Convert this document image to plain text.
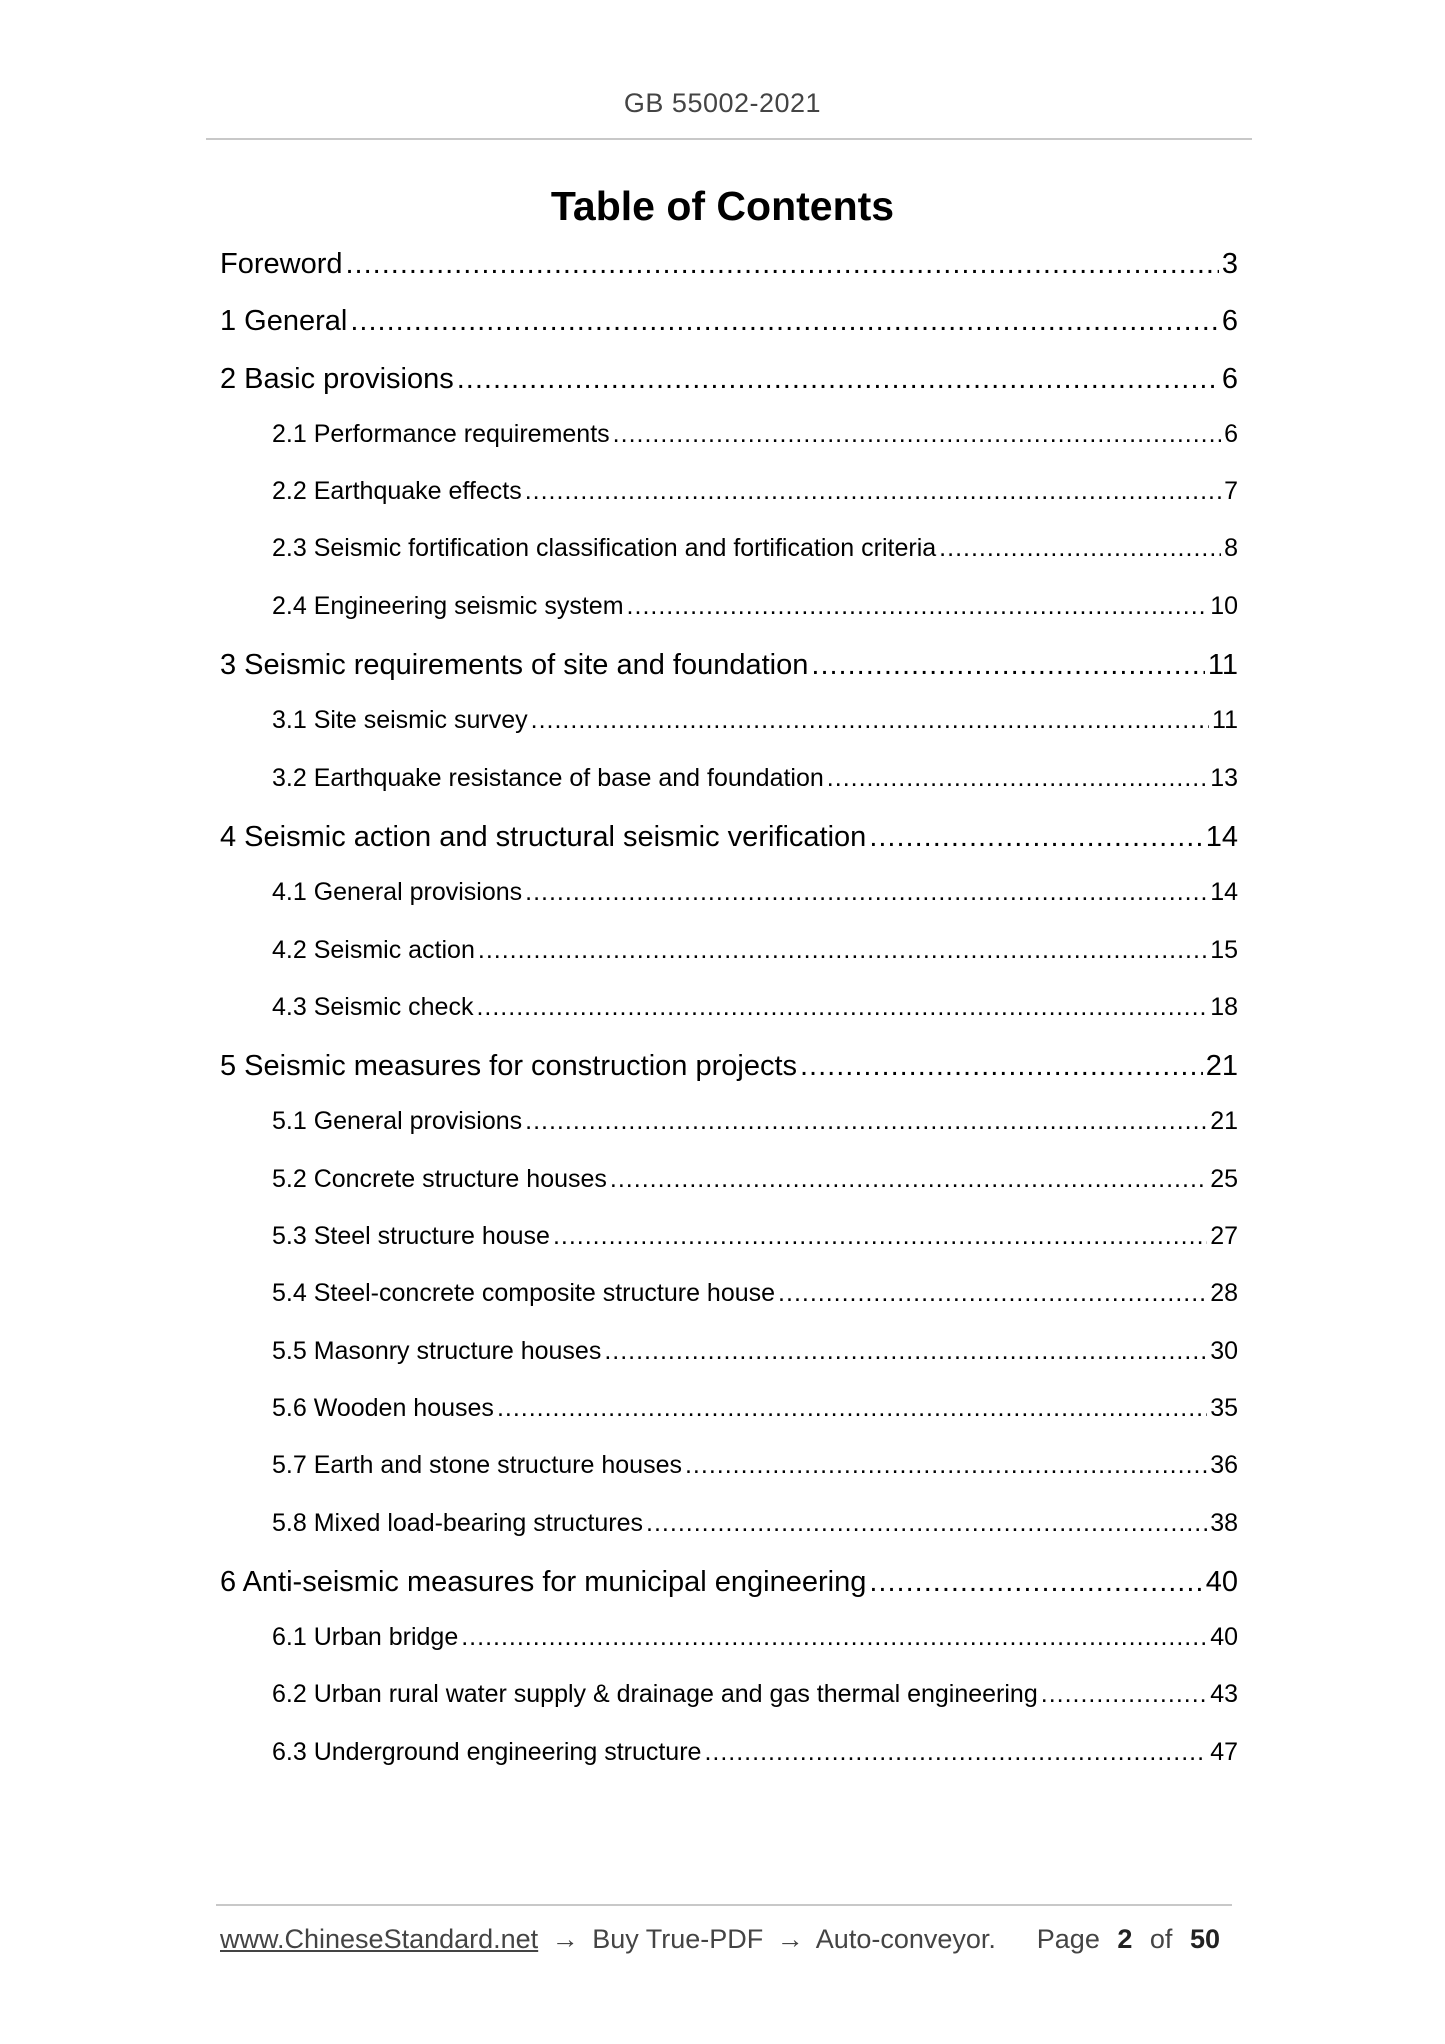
GB 55002-2021
Table of Contents
Foreword .....	3
1 General .....	6
2 Basic provisions .....	6
2.1 Performance requirements .....	6
2.2 Earthquake effects .....	7
2.3 Seismic fortification classification and fortification criteria .....	8
2.4 Engineering seismic system .....	10
3 Seismic requirements of site and foundation .....	11
3.1 Site seismic survey .....	11
3.2 Earthquake resistance of base and foundation .....	13
4 Seismic action and structural seismic verification .....	14
4.1 General provisions .....	14
4.2 Seismic action .....	15
4.3 Seismic check .....	18
5 Seismic measures for construction projects .....	21
5.1 General provisions .....	21
5.2 Concrete structure houses .....	25
5.3 Steel structure house .....	27
5.4 Steel-concrete composite structure house .....	28
5.5 Masonry structure houses .....	30
5.6 Wooden houses .....	35
5.7 Earth and stone structure houses .....	36
5.8 Mixed load-bearing structures .....	38
6 Anti-seismic measures for municipal engineering .....	40
6.1 Urban bridge .....	40
6.2 Urban rural water supply & drainage and gas thermal engineering .....	43
6.3 Underground engineering structure .....	47
www.ChineseStandard.net → Buy True-PDF → Auto-conveyor. Page 2 of 50
